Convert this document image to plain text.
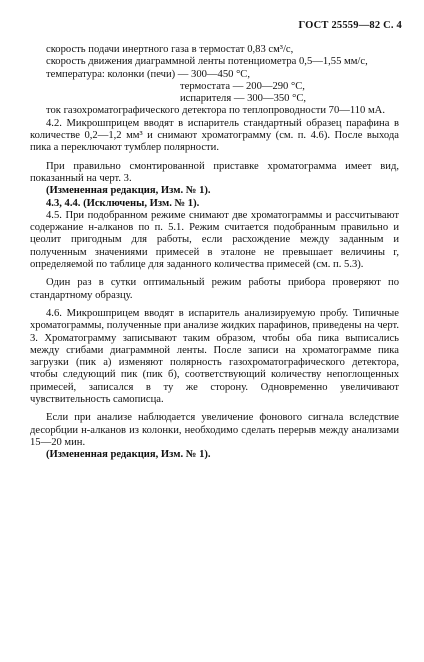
ГОСТ 25559—82 С. 4

скорость подачи инертного газа в термостат 0,83 см³/с,

скорость движения диаграммной ленты потенциометра 0,5—1,55 мм/с,

температура: колонки (печи) — 300—450 °С,

термостата — 200—290 °С,

испарителя — 300—350 °С,

ток газохроматографического детектора по теплопроводности 70—110 мА.

4.2. Микрошприцем вводят в испаритель стандартный образец парафина в количестве 0,2—1,2 мм³ и снимают хроматограмму (см. п. 4.6). После выхода пика а переключают тумблер полярности.

При правильно смонтированной приставке хроматограмма имеет вид, показанный на черт. 3.

(Измененная редакция, Изм. № 1).

4.3, 4.4. (Исключены, Изм. № 1).

4.5. При подобранном режиме снимают две хроматограммы и рассчитывают содержание н-алканов по п. 5.1. Режим считается подобранным правильно и цеолит пригодным для работы, если расхождение между заданным и полученным значениями примесей в эталоне не превышает величины r, определяемой по таблице для заданного количества примесей (см. п. 5.3).

Один раз в сутки оптимальный режим работы прибора проверяют по стандартному образцу.

4.6. Микрошприцем вводят в испаритель анализируемую пробу. Типичные хроматограммы, полученные при анализе жидких парафинов, приведены на черт. 3. Хроматограмму записывают таким образом, чтобы оба пика выписались между сгибами диаграммной ленты. После записи на хроматограмме пика загрузки (пик а) изменяют полярность газохроматографического детектора, чтобы следующий пик (пик б), соответствующий количеству непоглощенных примесей, записался в ту же сторону. Одновременно увеличивают чувствительность самописца.

Если при анализе наблюдается увеличение фонового сигнала вследствие десорбции н-алканов из колонки, необходимо сделать перерыв между анализами 15—20 мин.

(Измененная редакция, Изм. № 1).
